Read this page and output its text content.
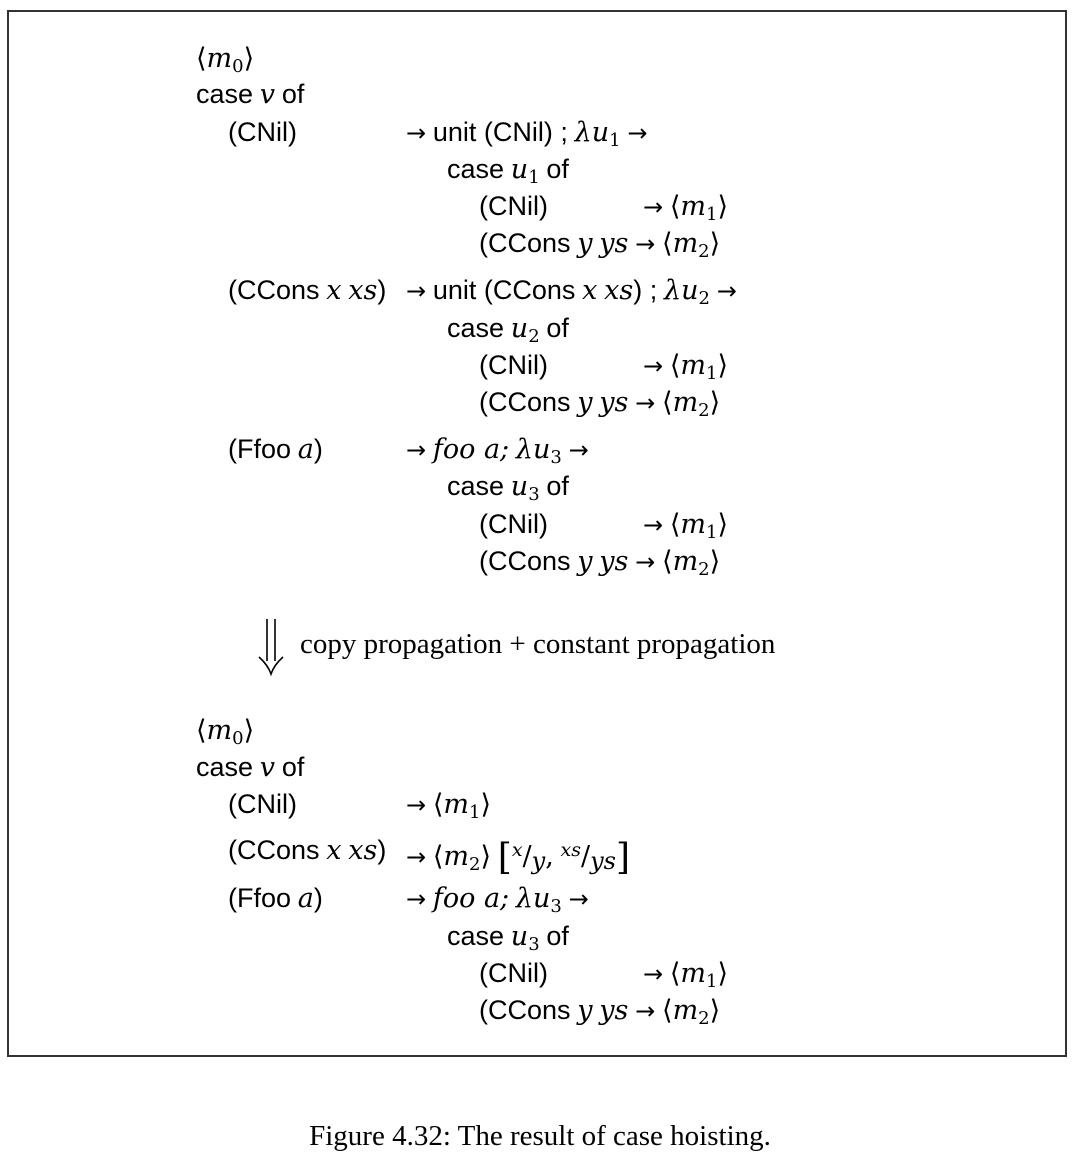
$⟨m_0⟩$
case v of
(CNil)	→ unit (CNil) ; $\lambda u_1$ →
case $u_1$ of
(CNil)	→ $⟨m_1⟩$
(CCons y ys → $⟨m_2⟩$
(CCons x xs) → unit (CCons x xs) ; $\lambda u_2$ →
case $u_2$ of
(CNil)	→ $⟨m_1⟩$
(CCons y ys → $⟨m_2⟩$
(Ffoo a)	→ foo a; $\lambda u_3$ →
case $u_3$ of
(CNil)	→ $⟨m_1⟩$
(CCons y ys → $⟨m_2⟩$
copy propagation + constant propagation
$⟨m_0⟩$
case v of
(CNil)	→ $⟨m_1⟩$
(CCons x $xs) \to ⟨m_2⟩$ [$^x$/y, $^{xs}$/ys]
(Ffoo a)	→ foo a; $\lambda u_3$ →
case $u_3$ of
(CNil)	→ $⟨m_1⟩$
(CCons y ys → $⟨m_2⟩$
Figure 4.32: The result of case hoisting.
